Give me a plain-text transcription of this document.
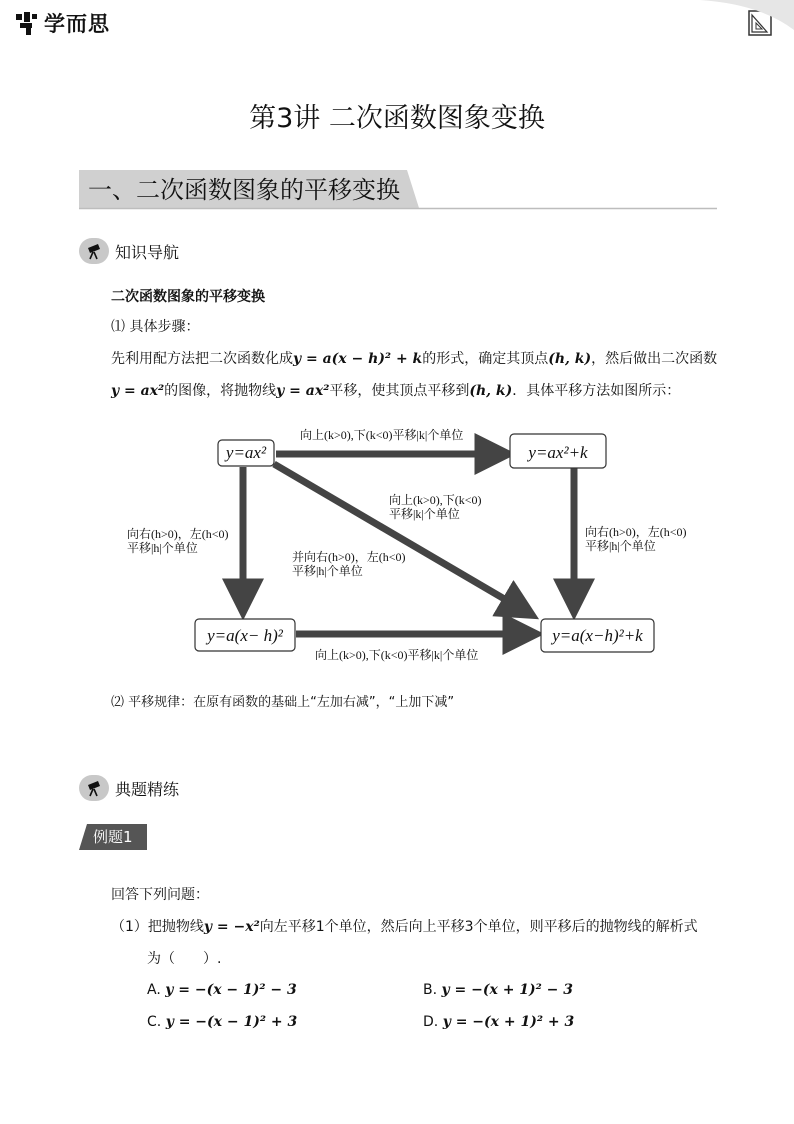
学而思
第3讲 二次函数图象变换
一、二次函数图象的平移变换
知识导航
二次函数图象的平移变换
⑴ 具体步骤：
先利用配方法把二次函数化成y = a(x − h)² + k的形式，确定其顶点(h, k)，然后做出二次函数
y = ax²的图像，将抛物线y = ax²平移，使其顶点平移到(h, k)．具体平移方法如图所示：
y=ax²	y=ax²+k
y=a(x− h)²	y=a(x−h)²+k
向上(k>0),下(k<0)平移|k|个单位
向右(h>0)，左(h<0)
平移|h|个单位
向上(k>0),下(k<0)
平移|k|个单位
并向右(h>0)，左(h<0)
平移|h|个单位
向右(h>0)，左(h<0)
平移|h|个单位
向上(k>0),下(k<0)平移|k|个单位
⑵ 平移规律：在原有函数的基础上“左加右减”，“上加下减”
典题精练
例题1
回答下列问题：
（1）把抛物线y = −x²向左平移1个单位，然后向上平移3个单位，则平移后的抛物线的解析式
为（　　）.
A. y = −(x − 1)² − 3	B. y = −(x + 1)² − 3
C. y = −(x − 1)² + 3	D. y = −(x + 1)² + 3
